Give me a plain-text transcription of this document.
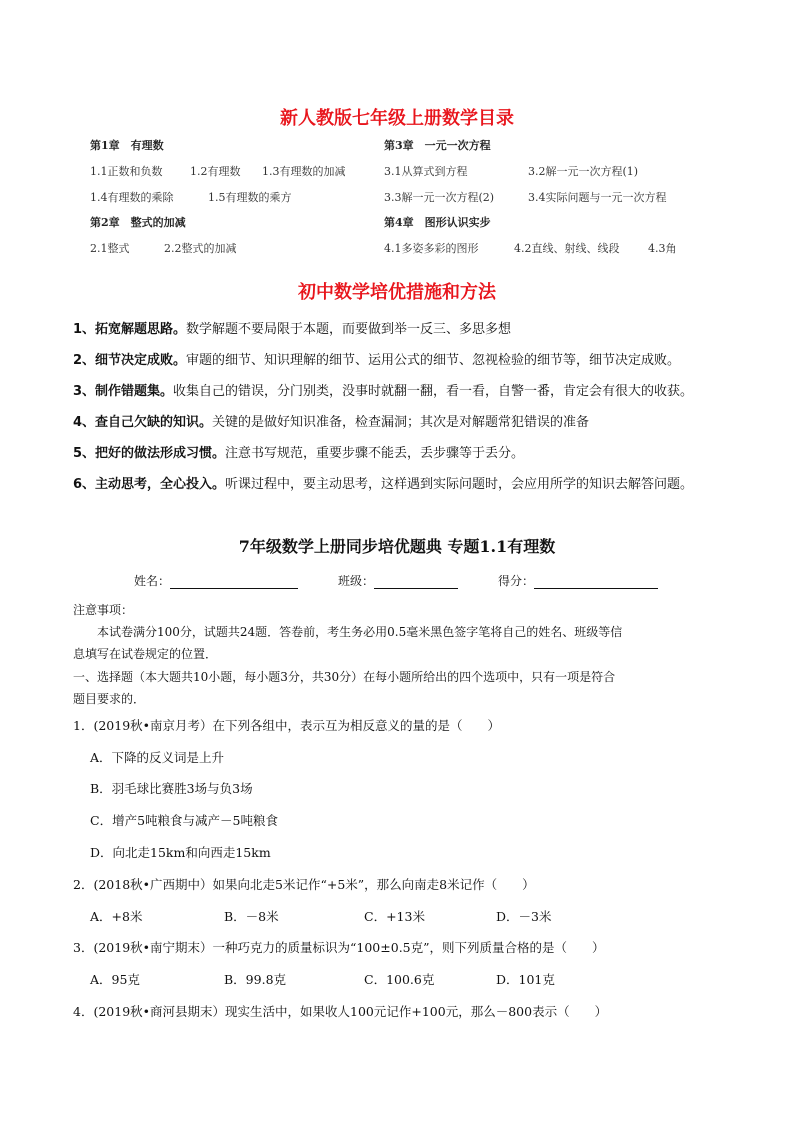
新人教版七年级上册数学目录
第1章　有理数	第3章　一元一次方程
1.1正数和负数	1.2有理数 1.3有理数的加减	3.1从算式到方程	3.2解一元一次方程(1)
1.4有理数的乘除	1.5有理数的乘方	3.3解一元一次方程(2)	3.4实际问题与一元一次方程
第2章　整式的加减	第4章　图形认识实步
2.1整式	2.2整式的加减	4.1多姿多彩的图形	4.2直线、射线、线段	4.3角
初中数学培优措施和方法
1、拓宽解题思路。数学解题不要局限于本题，而要做到举一反三、多思多想
2、细节决定成败。审题的细节、知识理解的细节、运用公式的细节、忽视检验的细节等，细节决定成败。
3、制作错题集。收集自己的错误，分门别类，没事时就翻一翻，看一看，自警一番，肯定会有很大的收获。
4、查自己欠缺的知识。关键的是做好知识准备，检查漏洞；其次是对解题常犯错误的准备
5、把好的做法形成习惯。注意书写规范，重要步骤不能丢，丢步骤等于丢分。
6、主动思考，全心投入。听课过程中，要主动思考，这样遇到实际问题时，会应用所学的知识去解答问题。
7年级数学上册同步培优题典 专题1.1有理数
姓名：	班级：	得分：
注意事项：
本试卷满分100分，试题共24题．答卷前，考生务必用0.5毫米黑色签字笔将自己的姓名、班级等信
息填写在试卷规定的位置．
一、选择题（本大题共10小题，每小题3分，共30分）在每小题所给出的四个选项中，只有一项是符合
题目要求的．
1．(2019秋•南京月考）在下列各组中，表示互为相反意义的量的是（　　）
A．下降的反义词是上升
B．羽毛球比赛胜3场与负3场
C．增产5吨粮食与减产－5吨粮食
D．向北走15km和向西走15km
2．(2018秋•广西期中）如果向北走5米记作“+5米”，那么向南走8米记作（　　）
A．+8米	B．－8米	C．+13米	D．－3米
3．(2019秋•南宁期末）一种巧克力的质量标识为“100±0.5克”，则下列质量合格的是（　　）
A．95克	B．99.8克	C．100.6克	D．101克
4．(2019秋•商河县期末）现实生活中，如果收人100元记作+100元，那么－800表示（　　）
